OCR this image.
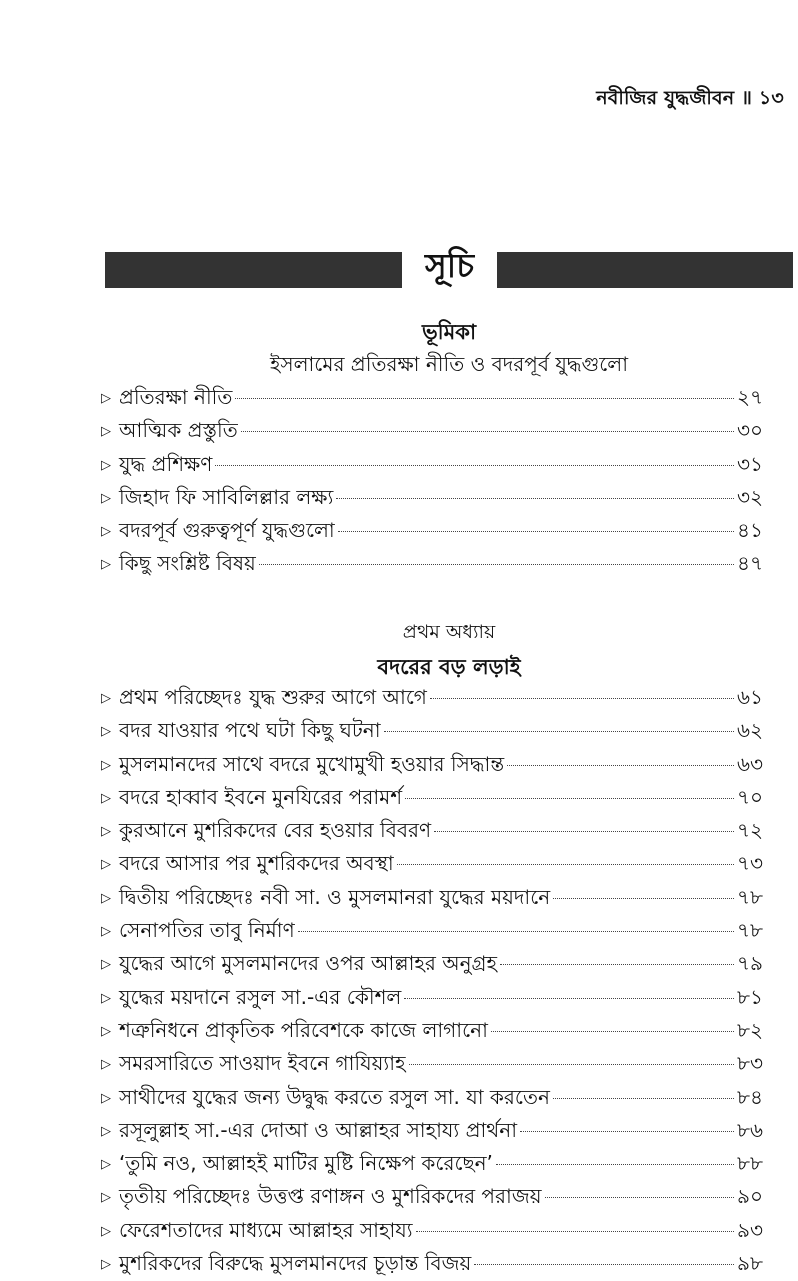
নবীজির যুদ্ধজীবন ॥ ১৩
সূচি
ভূমিকা
ইসলামের প্রতিরক্ষা নীতি ও বদরপূর্ব যুদ্ধগুলো
▷ প্রতিরক্ষা নীতি	২৭
▷ আত্মিক প্রস্তুতি	৩০
▷ যুদ্ধ প্রশিক্ষণ	৩১
▷ জিহাদ ফি সাবিলিল্লার লক্ষ্য	৩২
▷ বদরপূর্ব গুরুত্বপূর্ণ যুদ্ধগুলো	৪১
▷ কিছু সংশ্লিষ্ট বিষয়	৪৭
প্রথম অধ্যায়
বদরের বড় লড়াই
▷ প্রথম পরিচ্ছেদঃ যুদ্ধ শুরুর আগে আগে	৬১
▷ বদর যাওয়ার পথে ঘটা কিছু ঘটনা	৬২
▷ মুসলমানদের সাথে বদরে মুখোমুখী হওয়ার সিদ্ধান্ত	৬৩
▷ বদরে হাব্বাব ইবনে মুনযিরের পরামর্শ	৭০
▷ কুরআনে মুশরিকদের বের হওয়ার বিবরণ	৭২
▷ বদরে আসার পর মুশরিকদের অবস্থা	৭৩
▷ দ্বিতীয় পরিচ্ছেদঃ নবী সা. ও মুসলমানরা যুদ্ধের ময়দানে	৭৮
▷ সেনাপতির তাবু নির্মাণ	৭৮
▷ যুদ্ধের আগে মুসলমানদের ওপর আল্লাহর অনুগ্রহ	৭৯
▷ যুদ্ধের ময়দানে রসুল সা.-এর কৌশল	৮১
▷ শত্রুনিধনে প্রাকৃতিক পরিবেশকে কাজে লাগানো	৮২
▷ সমরসারিতে সাওয়াদ ইবনে গাযিয়্যাহ	৮৩
▷ সাথীদের যুদ্ধের জন্য উদ্বুদ্ধ করতে রসুল সা. যা করতেন	৮৪
▷ রসূলুল্লাহ সা.-এর দোআ ও আল্লাহর সাহায্য প্রার্থনা	৮৬
▷ ‘তুমি নও, আল্লাহই মাটির মুষ্টি নিক্ষেপ করেছেন’	৮৮
▷ তৃতীয় পরিচ্ছেদঃ উত্তপ্ত রণাঙ্গন ও মুশরিকদের পরাজয়	৯০
▷ ফেরেশতাদের মাধ্যমে আল্লাহর সাহায্য	৯৩
▷ মুশরিকদের বিরুদ্ধে মুসলমানদের চূড়ান্ত বিজয়	৯৮
